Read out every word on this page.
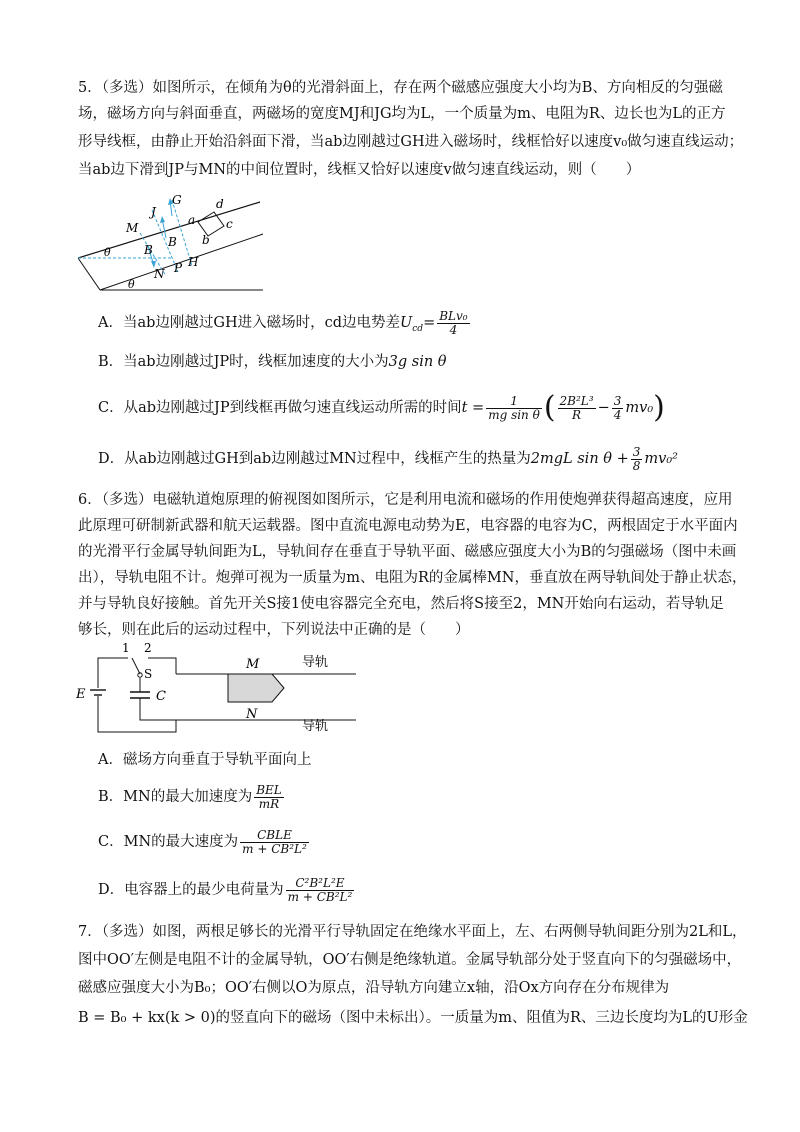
5．（多选）如图所示，在倾角为θ的光滑斜面上，存在两个磁感应强度大小均为B、方向相反的匀强磁
场，磁场方向与斜面垂直，两磁场的宽度MJ和JG均为L，一个质量为m、电阻为R、边长也为L的正方
形导线框，由静止开始沿斜面下滑，当ab边刚越过GH进入磁场时，线框恰好以速度v₀做匀速直线运动；
当ab边下滑到JP与MN的中间位置时，线框又恰好以速度v做匀速直线运动，则（　　）
M
J
G
a
d
c
b
B
B
N P H
θ
θ
A．当ab边刚越过GH进入磁场时，cd边电势差$U_{cd}= \frac{\text{BLv₀}}{4}$
B．当ab边刚越过JP时，线框加速度的大小为3g sin θ
C．从ab边刚越过JP到线框再做匀速直线运动所需的时间$t = \frac{1}{\text{mg sin θ}}$ ( $\frac{\text{2B²L³}}{R} - \frac{3}{4} mv_0$)
D．从ab边刚越过GH到ab边刚越过MN过程中，线框产生的热量为2mgL $\sin \theta + \frac{3}{8} mv_0^2$
6．（多选）电磁轨道炮原理的俯视图如图所示，它是利用电流和磁场的作用使炮弹获得超高速度，应用
此原理可研制新武器和航天运载器。图中直流电源电动势为E，电容器的电容为C，两根固定于水平面内
的光滑平行金属导轨间距为L，导轨间存在垂直于导轨平面、磁感应强度大小为B的匀强磁场（图中未画
出），导轨电阻不计。炮弹可视为一质量为m、电阻为R的金属棒MN，垂直放在两导轨间处于静止状态，
并与导轨良好接触。首先开关S接1使电容器完全充电，然后将S接至2，MN开始向右运动，若导轨足
够长，则在此后的运动过程中，下列说法中正确的是（　　）
1 2
S
E	C
M
N
导轨
导轨
A．磁场方向垂直于导轨平面向上
B．MN的最大加速度为 $\frac{\text{BEL}}{mR}$
C．MN的最大速度为 $\frac{\text{CBLE}}{\text{m + CB²L²}}$
D．电容器上的最少电荷量为 $\frac{\text{C²B²L²E}}{\text{m + CB²L²}}$
7．（多选）如图，两根足够长的光滑平行导轨固定在绝缘水平面上，左、右两侧导轨间距分别为2L和L，
图中OO′左侧是电阻不计的金属导轨，OO′右侧是绝缘轨道。金属导轨部分处于竖直向下的匀强磁场中，
磁感应强度大小为B₀；OO′右侧以O为原点，沿导轨方向建立x轴，沿Ox方向存在分布规律为
B = B₀ + kx(k > 0)的竖直向下的磁场（图中未标出）。一质量为m、阻值为R、三边长度均为L的U形金
